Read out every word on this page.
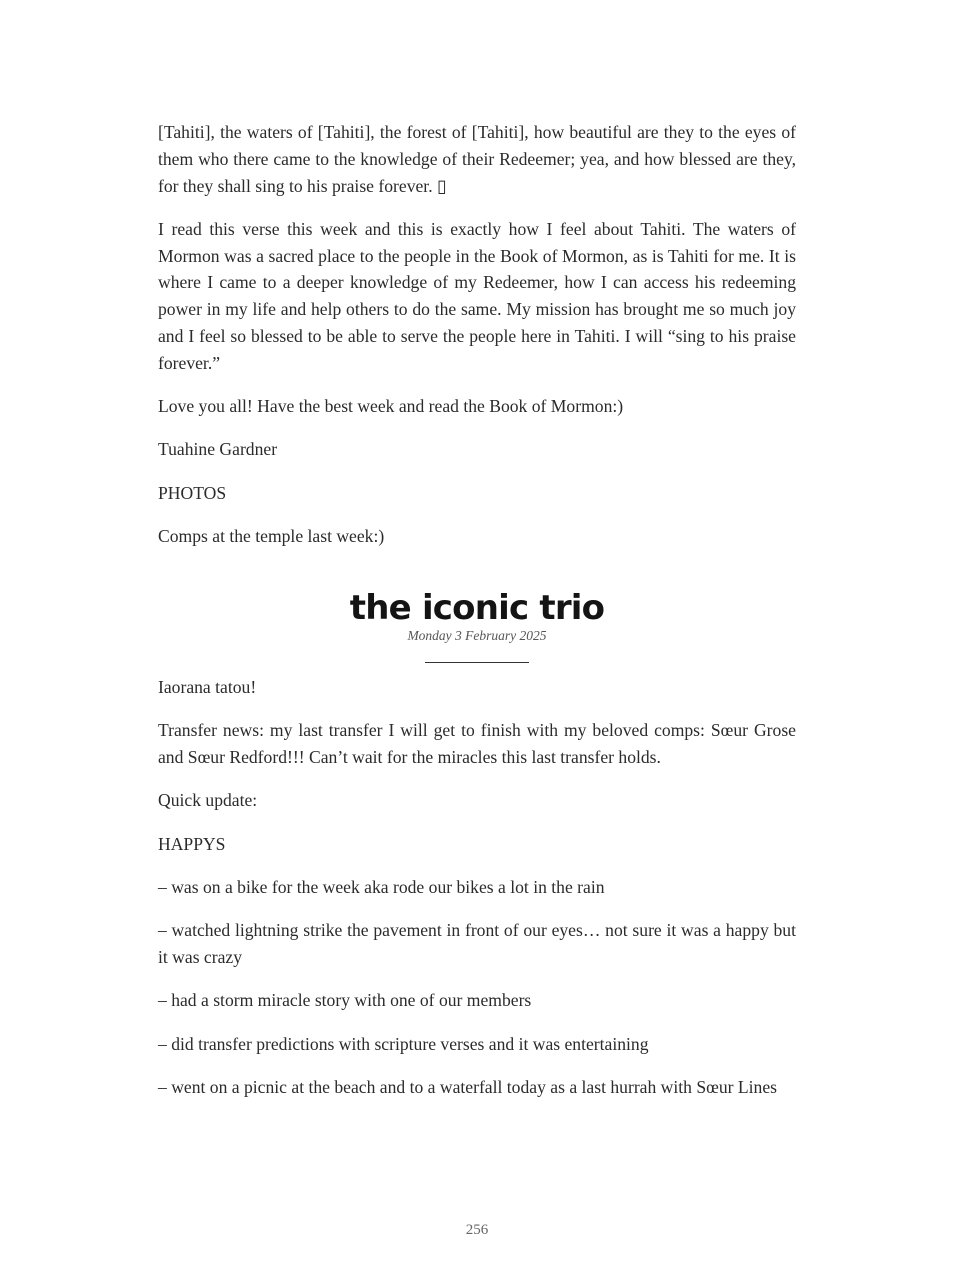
[Tahiti], the waters of [Tahiti], the forest of [Tahiti], how beautiful are they to the eyes of them who there came to the knowledge of their Redeemer; yea, and how blessed are they, for they shall sing to his praise forever. ▯

I read this verse this week and this is exactly how I feel about Tahiti. The waters of Mormon was a sacred place to the people in the Book of Mormon, as is Tahiti for me. It is where I came to a deeper knowledge of my Redeemer, how I can access his redeeming power in my life and help others to do the same. My mission has brought me so much joy and I feel so blessed to be able to serve the people here in Tahiti. I will “sing to his praise forever.”

Love you all! Have the best week and read the Book of Mormon:)

Tuahine Gardner

PHOTOS

Comps at the temple last week:)

the iconic trio
Monday 3 February 2025

Iaorana tatou!

Transfer news: my last transfer I will get to finish with my beloved comps: Sœur Grose and Sœur Redford!!! Can’t wait for the miracles this last transfer holds.

Quick update:

HAPPYS

– was on a bike for the week aka rode our bikes a lot in the rain

– watched lightning strike the pavement in front of our eyes… not sure it was a happy but it was crazy

– had a storm miracle story with one of our members

– did transfer predictions with scripture verses and it was entertaining

– went on a picnic at the beach and to a waterfall today as a last hurrah with Sœur Lines

256
